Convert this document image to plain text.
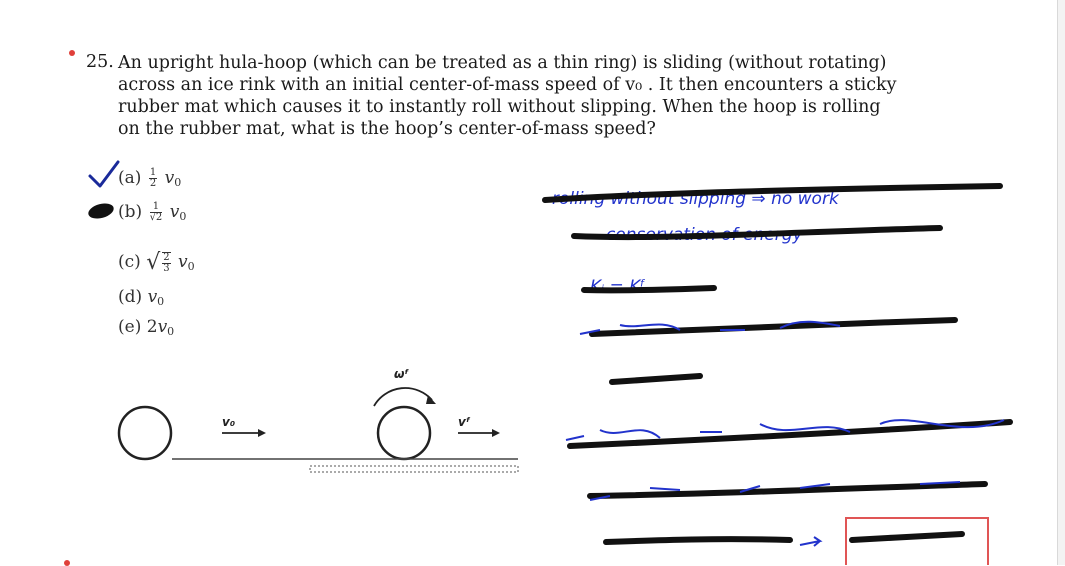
25. An upright hula-hoop (which can be treated as a thin ring) is sliding (without rotating)
across an ice rink with an initial center-of-mass speed of v₀ . It then encounters a sticky
rubber mat which causes it to instantly roll without slipping. When the hoop is rolling
on the rubber mat, what is the hoop’s center-of-mass speed?
$(a) \frac{1}{2} v_0$
$(b) \frac{1}{√2} v_0$
(c) √ $\frac{2}{3} v_0$
(d) $v_0$
(e) $2v_0$
v₀	vᶠ
ωᶠ
rolling without slipping ⇒ no work
conservation of energy
Kᵢ = Kᶠ
